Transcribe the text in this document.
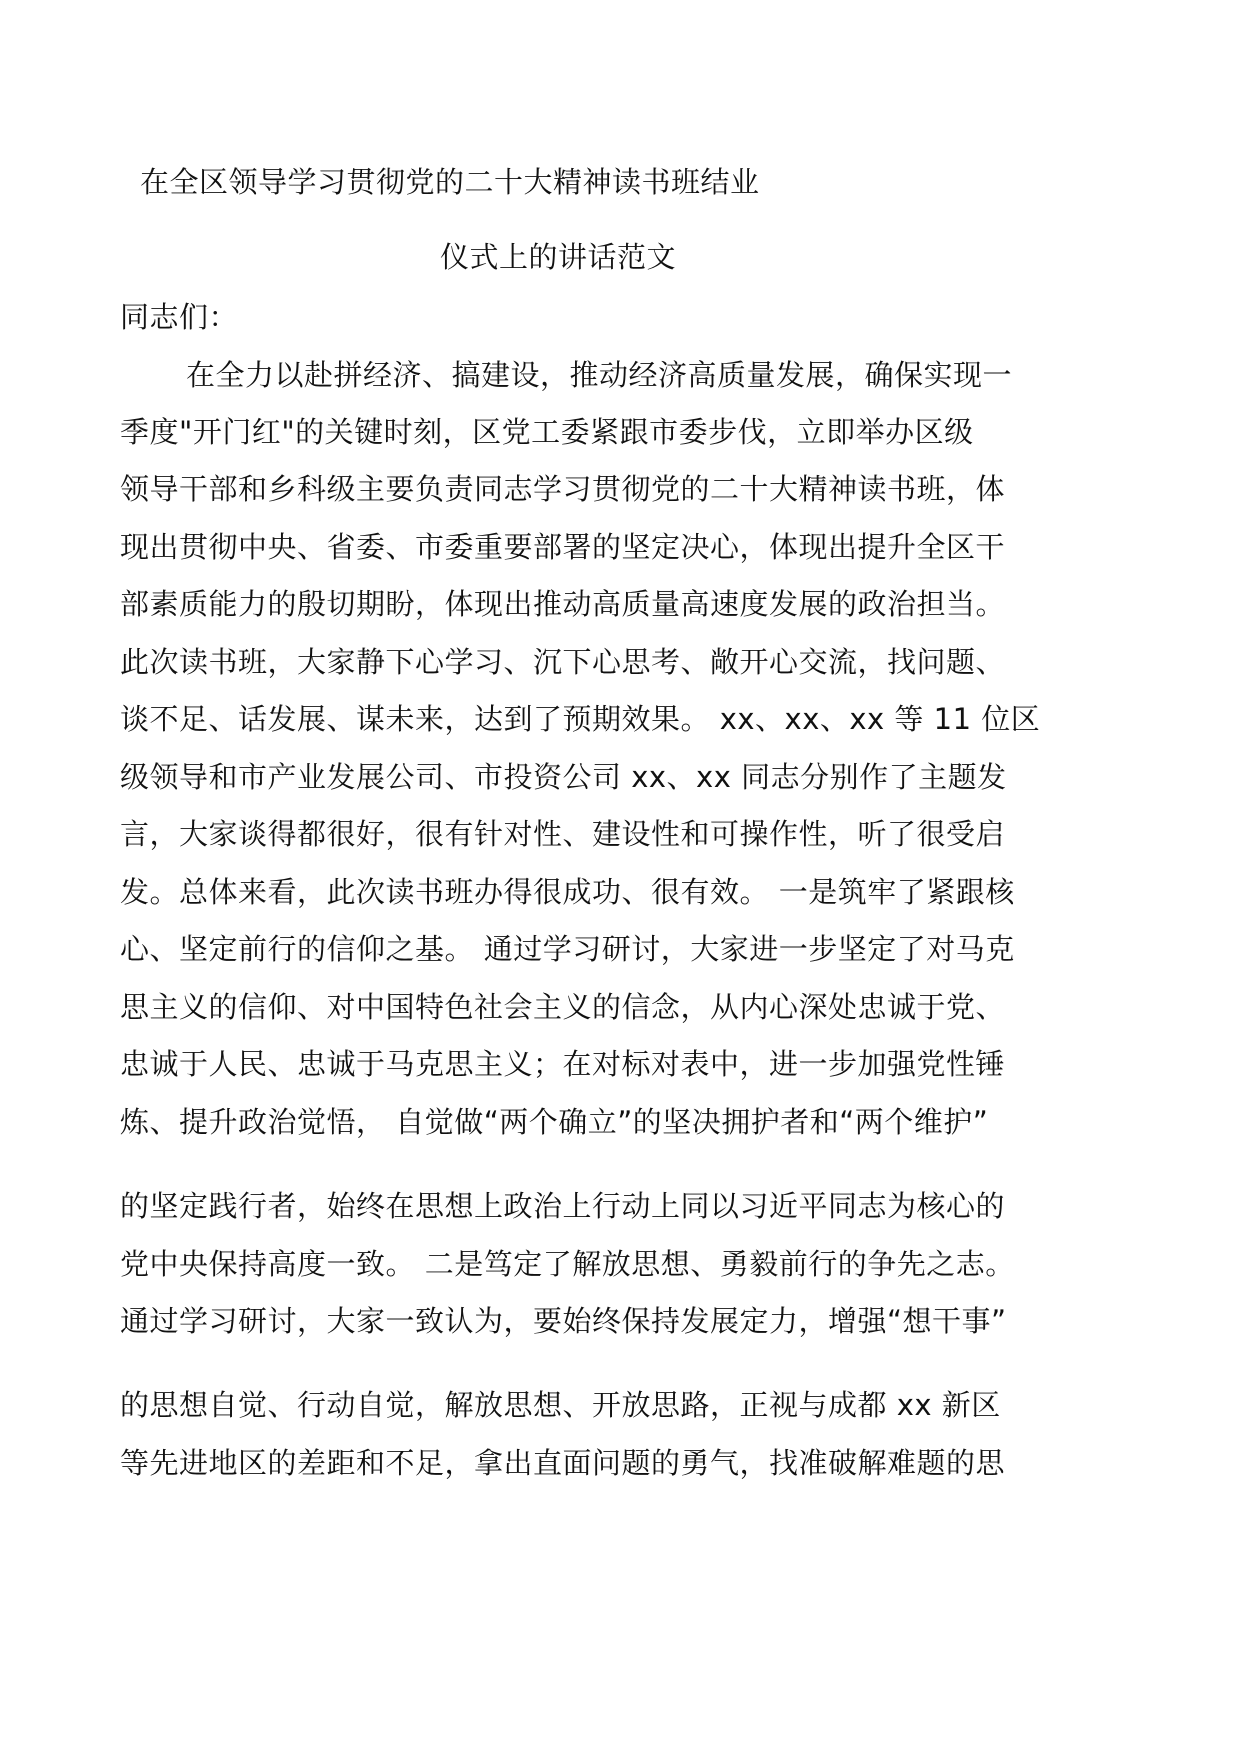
在全区领导学习贯彻党的二十大精神读书班结业
仪式上的讲话范文
同志们：
在全力以赴拼经济、搞建设，推动经济高质量发展，确保实现一
季度"开门红"的关键时刻，区党工委紧跟市委步伐，立即举办区级
领导干部和乡科级主要负责同志学习贯彻党的二十大精神读书班，体
现出贯彻中央、省委、市委重要部署的坚定决心，体现出提升全区干
部素质能力的殷切期盼，体现出推动高质量高速度发展的政治担当。
此次读书班，大家静下心学习、沉下心思考、敞开心交流，找问题、
谈不足、话发展、谋未来，达到了预期效果。 xx、xx、xx 等 11 位区
级领导和市产业发展公司、市投资公司 xx、xx 同志分别作了主题发
言，大家谈得都很好，很有针对性、建设性和可操作性，听了很受启
发。总体来看，此次读书班办得很成功、很有效。 一是筑牢了紧跟核
心、坚定前行的信仰之基。 通过学习研讨，大家进一步坚定了对马克
思主义的信仰、对中国特色社会主义的信念，从内心深处忠诚于党、
忠诚于人民、忠诚于马克思主义；在对标对表中，进一步加强党性锤
炼、提升政治觉悟， 自觉做“两个确立”的坚决拥护者和“两个维护”
的坚定践行者，始终在思想上政治上行动上同以习近平同志为核心的
党中央保持高度一致。 二是笃定了解放思想、勇毅前行的争先之志。
通过学习研讨，大家一致认为，要始终保持发展定力，增强“想干事”
的思想自觉、行动自觉，解放思想、开放思路，正视与成都 xx 新区
等先进地区的差距和不足，拿出直面问题的勇气，找准破解难题的思
